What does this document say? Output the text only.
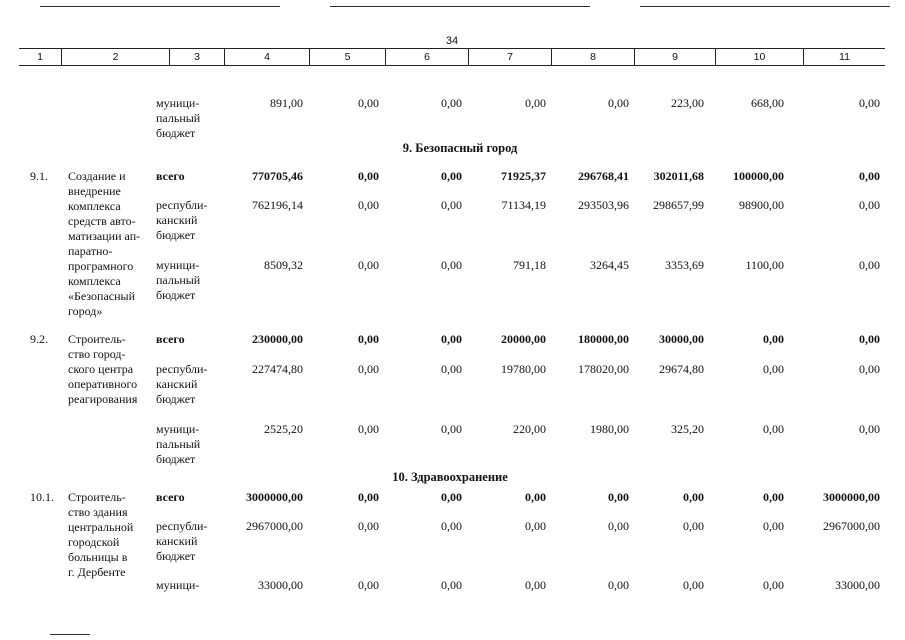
34
1	2	3	4	5	6	7	8	9	10	11
муници-
пальный
бюджет
891,00	0,00	0,00	0,00	0,00	223,00	668,00	0,00
9.1.	Создание и
внедрение
комплекса
средств авто-
матизации ап-
паратно-
програмного
комплекса
«Безопасный
город»
всего	770705,46	0,00	0,00	71925,37	296768,41	302011,68	100000,00	0,00
республи-
канский
бюджет
762196,14	0,00	0,00	71134,19	293503,96	298657,99	98900,00	0,00
муници-
пальный
бюджет
8509,32	0,00	0,00	791,18	3264,45	3353,69	1100,00	0,00
9.2.	Строитель-
ство город-
ского центра
оперативного
реагирования
всего	230000,00	0,00	0,00	20000,00	180000,00	30000,00	0,00	0,00
республи-
канский
бюджет
227474,80	0,00	0,00	19780,00	178020,00	29674,80	0,00	0,00
муници-
пальный
бюджет
2525,20	0,00	0,00	220,00	1980,00	325,20	0,00	0,00
10.1.	Строитель-
ство здания
центральной
городской
больницы в
г. Дербенте
всего	3000000,00	0,00	0,00	0,00	0,00	0,00	0,00	3000000,00
республи-
канский
бюджет
2967000,00	0,00	0,00	0,00	0,00	0,00	0,00	2967000,00
муници-	33000,00	0,00	0,00	0,00	0,00	0,00	0,00	33000,00
9. Безопасный город
10. Здравоохранение
